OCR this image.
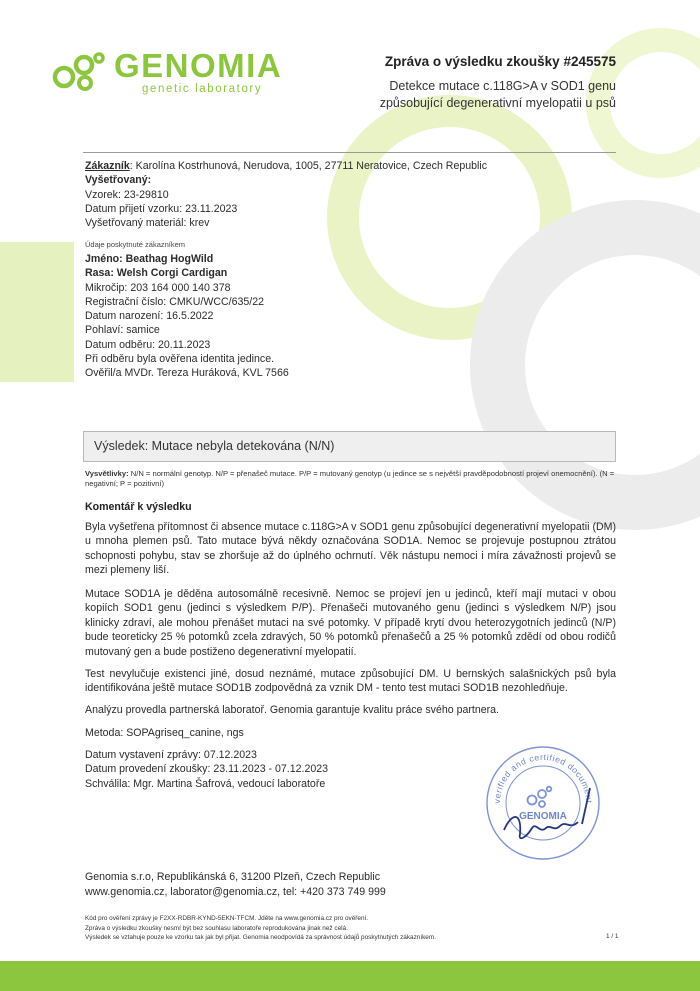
GENOMIA
genetic laboratory
Zpráva o výsledku zkoušky #245575
Detekce mutace c.118G>A v SOD1 genu
způsobující degenerativní myelopatii u psů
Zákazník: Karolína Kostrhunová, Nerudova, 1005, 27711 Neratovice, Czech Republic
Vyšetřovaný:
Vzorek: 23-29810
Datum přijetí vzorku: 23.11.2023
Vyšetřovaný materiál: krev
Údaje poskytnuté zákazníkem
Jméno: Beathag HogWild
Rasa: Welsh Corgi Cardigan
Mikročip: 203 164 000 140 378
Registrační číslo: CMKU/WCC/635/22
Datum narození: 16.5.2022
Pohlaví: samice
Datum odběru: 20.11.2023
Při odběru byla ověřena identita jedince.
Ověřil/a MVDr. Tereza Huráková, KVL 7566
Výsledek: Mutace nebyla detekována (N/N)
Vysvětlivky: N/N = normální genotyp. N/P = přenašeč mutace. P/P = mutovaný genotyp (u jedince se s největší pravděpodobností projeví onemocnění). (N = negativní; P = pozitivní)
Komentář k výsledku
Byla vyšetřena přítomnost či absence mutace c.118G>A v SOD1 genu způsobující degenerativní myelopatii (DM) u mnoha plemen psů. Tato mutace bývá někdy označována SOD1A. Nemoc se projevuje postupnou ztrátou schopnosti pohybu, stav se zhoršuje až do úplného ochrnutí. Věk nástupu nemoci i míra závažnosti projevů se mezi plemeny liší.
Mutace SOD1A je děděna autosomálně recesivně. Nemoc se projeví jen u jedinců, kteří mají mutaci v obou kopiích SOD1 genu (jedinci s výsledkem P/P). Přenašeči mutovaného genu (jedinci s výsledkem N/P) jsou klinicky zdraví, ale mohou přenášet mutaci na své potomky. V případě krytí dvou heterozygotních jedinců (N/P) bude teoreticky 25 % potomků zcela zdravých, 50 % potomků přenašečů a 25 % potomků zdědí od obou rodičů mutovaný gen a bude postiženo degenerativní myelopatií.
Test nevylučuje existenci jiné, dosud neznámé, mutace způsobující DM. U bernských salašnických psů byla identifikována ještě mutace SOD1B zodpovědná za vznik DM - tento test mutaci SOD1B nezohledňuje.
Analýzu provedla partnerská laboratoř. Genomia garantuje kvalitu práce svého partnera.
Metoda: SOPAgriseq_canine, ngs
Datum vystavení zprávy: 07.12.2023
Datum provedení zkoušky: 23.11.2023 - 07.12.2023
Schválila: Mgr. Martina Šafrová, vedoucí laboratoře
verified and certified document
GENOMIA
Genomia s.r.o, Republikánská 6, 31200 Plzeň, Czech Republic
www.genomia.cz, laborator@genomia.cz, tel: +420 373 749 999
Kód pro ověření zprávy je F2XX-RDBR-KYND-5EKN-TFCM. Jděte na www.genomia.cz pro ověření.
Zpráva o výsledku zkoušky nesmí být bez souhlasu laboratoře reprodukována jinak než celá.
Výsledek se vztahuje pouze ke vzorku tak jak byl přijat. Genomia neodpovídá za správnost údajů poskytnutých zákazníkem.	1 / 1
